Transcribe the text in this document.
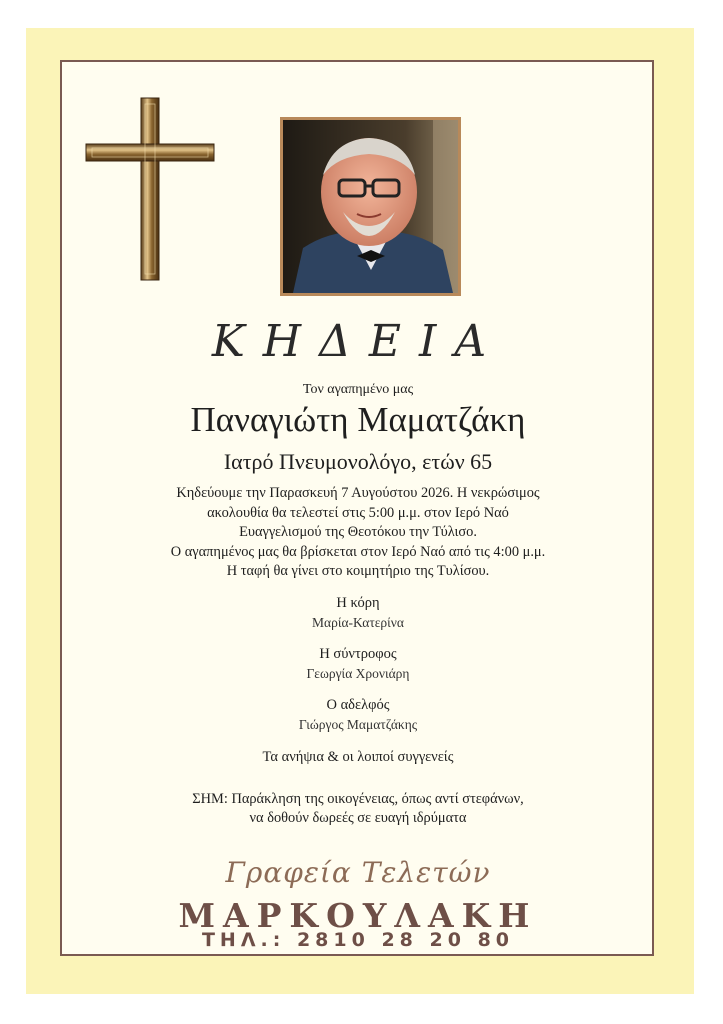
ΚΗΔΕΙΑ
Τον αγαπημένο μας
Παναγιώτη Μαματζάκη
Ιατρό Πνευμονολόγο, ετών 65
Κηδεύουμε την Παρασκευή 7 Αυγούστου 2026. Η νεκρώσιμος
ακολουθία θα τελεστεί στις 5:00 μ.μ. στον Ιερό Ναό
Ευαγγελισμού της Θεοτόκου την Τύλισο.
Ο αγαπημένος μας θα βρίσκεται στον Ιερό Ναό από τις 4:00 μ.μ.
Η ταφή θα γίνει στο κοιμητήριο της Τυλίσου.
Η κόρη
Μαρία-Κατερίνα
Η σύντροφος
Γεωργία Χρονιάρη
Ο αδελφός
Γιώργος Μαματζάκης
Τα ανήψια & οι λοιποί συγγενείς
ΣΗΜ: Παράκληση της οικογένειας, όπως αντί στεφάνων,
να δοθούν δωρεές σε ευαγή ιδρύματα
Γραφεία Τελετών
ΜΑΡΚΟΥΛΑΚΗ
ΤΗΛ.: 2810 28 20 80
